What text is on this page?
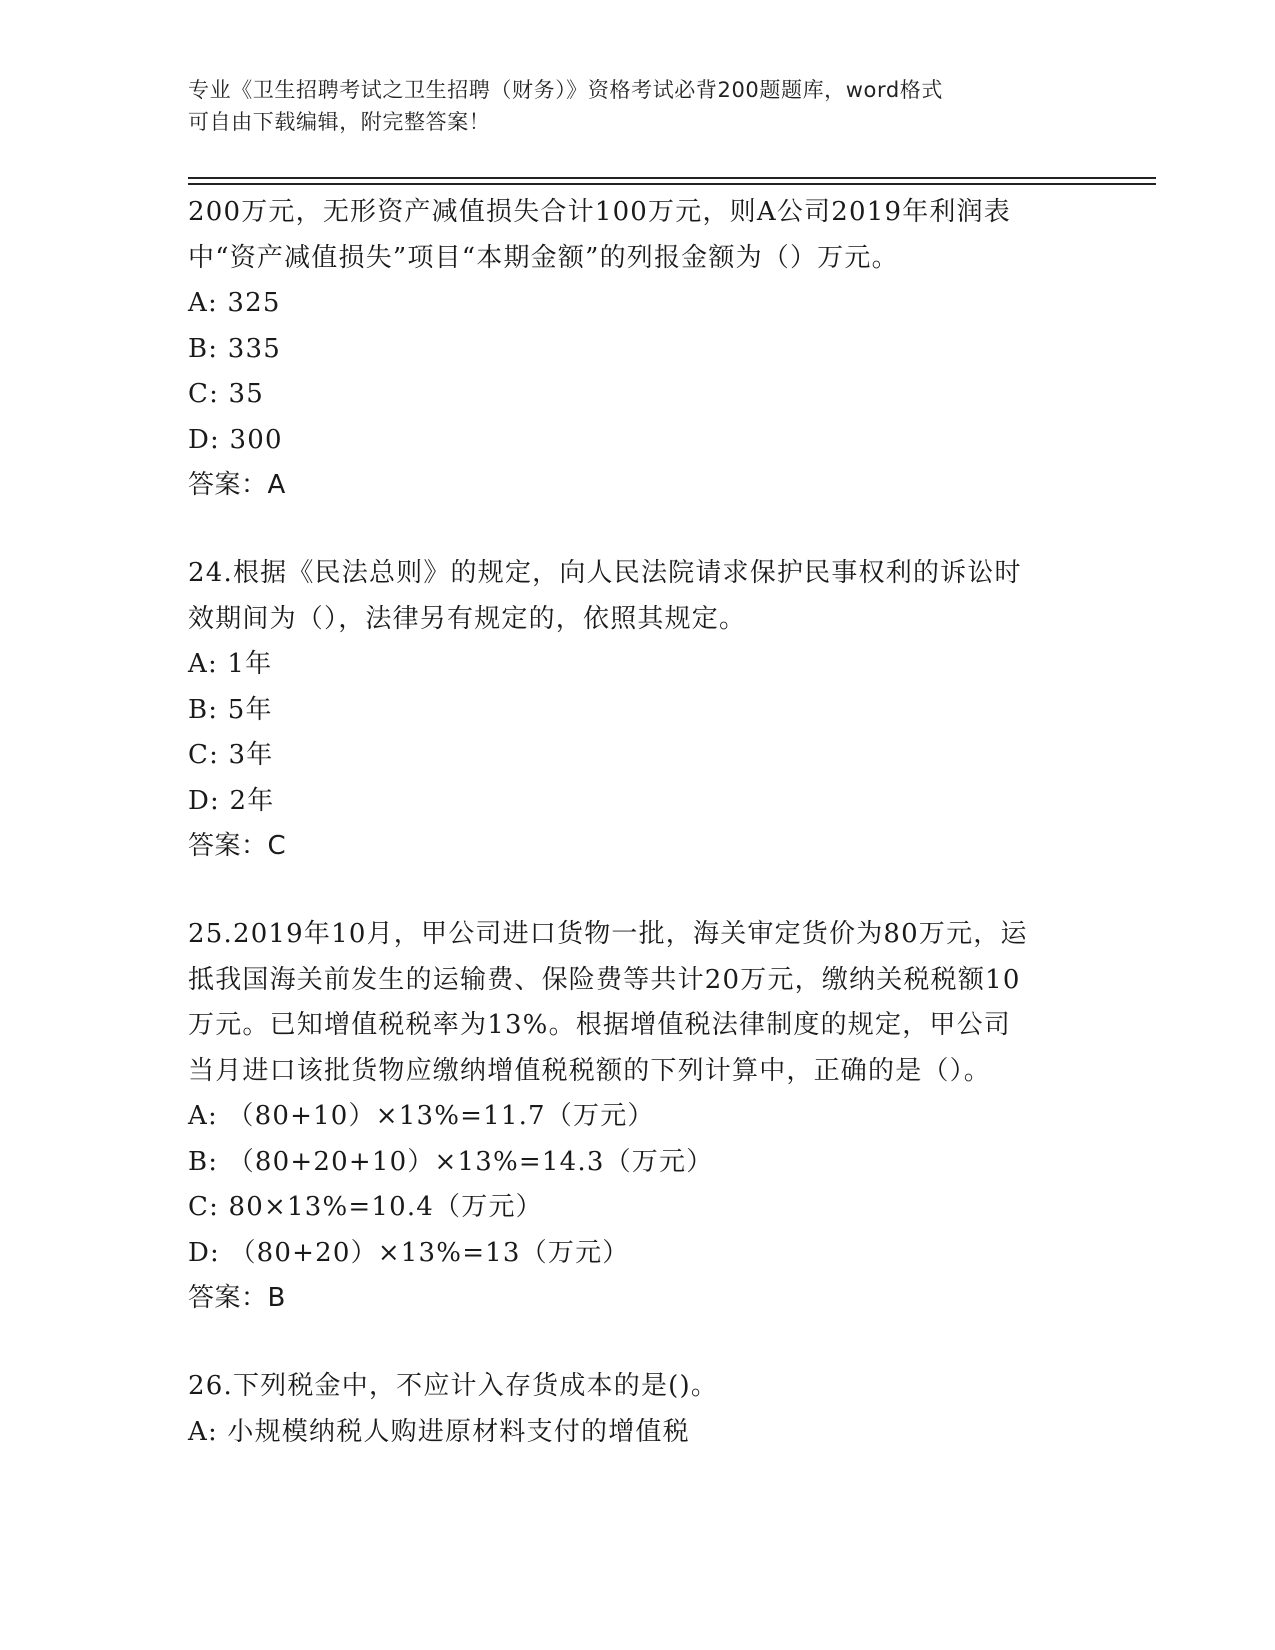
专业《卫生招聘考试之卫生招聘（财务）》资格考试必背200题题库，word格式
可自由下载编辑，附完整答案！

200万元，无形资产减值损失合计100万元，则A公司2019年利润表

中“资产减值损失”项目“本期金额”的列报金额为（）万元。

A: 325

B: 335

C: 35

D: 300

答案：A

24.根据《民法总则》的规定，向人民法院请求保护民事权利的诉讼时

效期间为（），法律另有规定的，依照其规定。

A: 1年

B: 5年

C: 3年

D: 2年

答案：C

25.2019年10月，甲公司进口货物一批，海关审定货价为80万元，运

抵我国海关前发生的运输费、保险费等共计20万元，缴纳关税税额10

万元。已知增值税税率为13%。根据增值税法律制度的规定，甲公司

当月进口该批货物应缴纳增值税税额的下列计算中，正确的是（）。

A: （80+10）×13%=11.7（万元）

B: （80+20+10）×13%=14.3（万元）

C: 80×13%=10.4（万元）

D: （80+20）×13%=13（万元）

答案：B

26.下列税金中，不应计入存货成本的是()。

A: 小规模纳税人购进原材料支付的增值税
